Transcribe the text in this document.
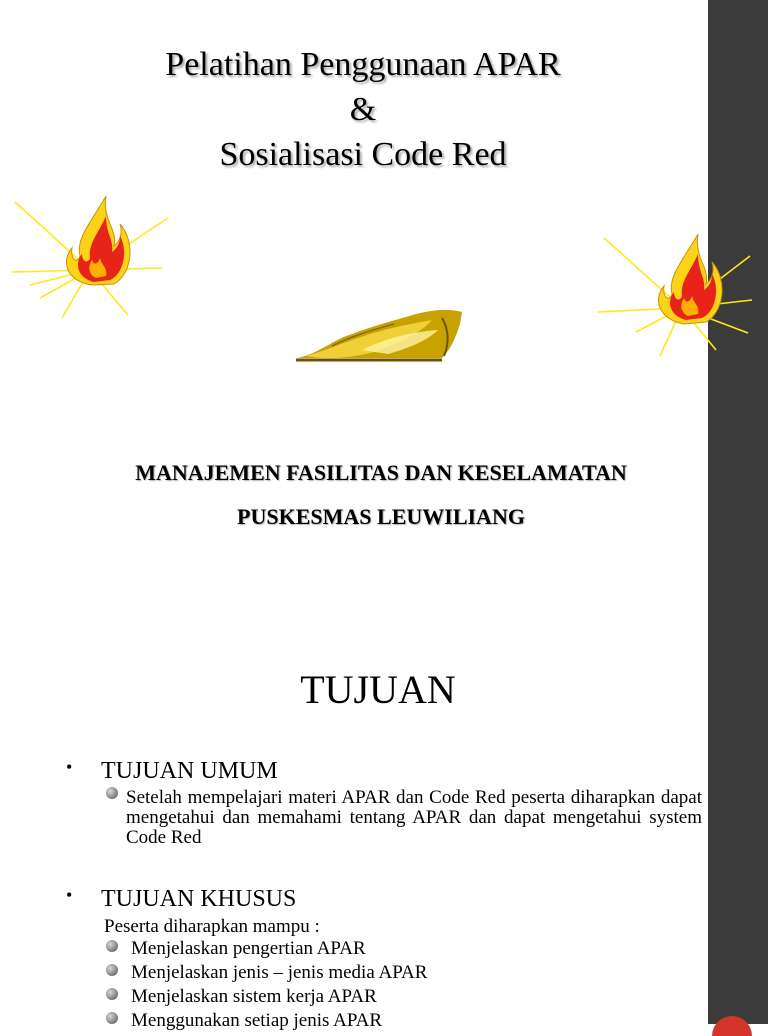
Pelatihan Penggunaan APAR
&
Sosialisasi Code Red
MANAJEMEN FASILITAS DAN KESELAMATAN
PUSKESMAS LEUWILIANG
TUJUAN
• TUJUAN UMUM
Setelah mempelajari materi APAR dan Code Red peserta diharapkan dapat mengetahui dan memahami tentang APAR dan dapat mengetahui system Code Red
• TUJUAN KHUSUS
Peserta diharapkan mampu :
Menjelaskan pengertian APAR
Menjelaskan jenis – jenis media APAR
Menjelaskan sistem kerja APAR
Menggunakan setiap jenis APAR
